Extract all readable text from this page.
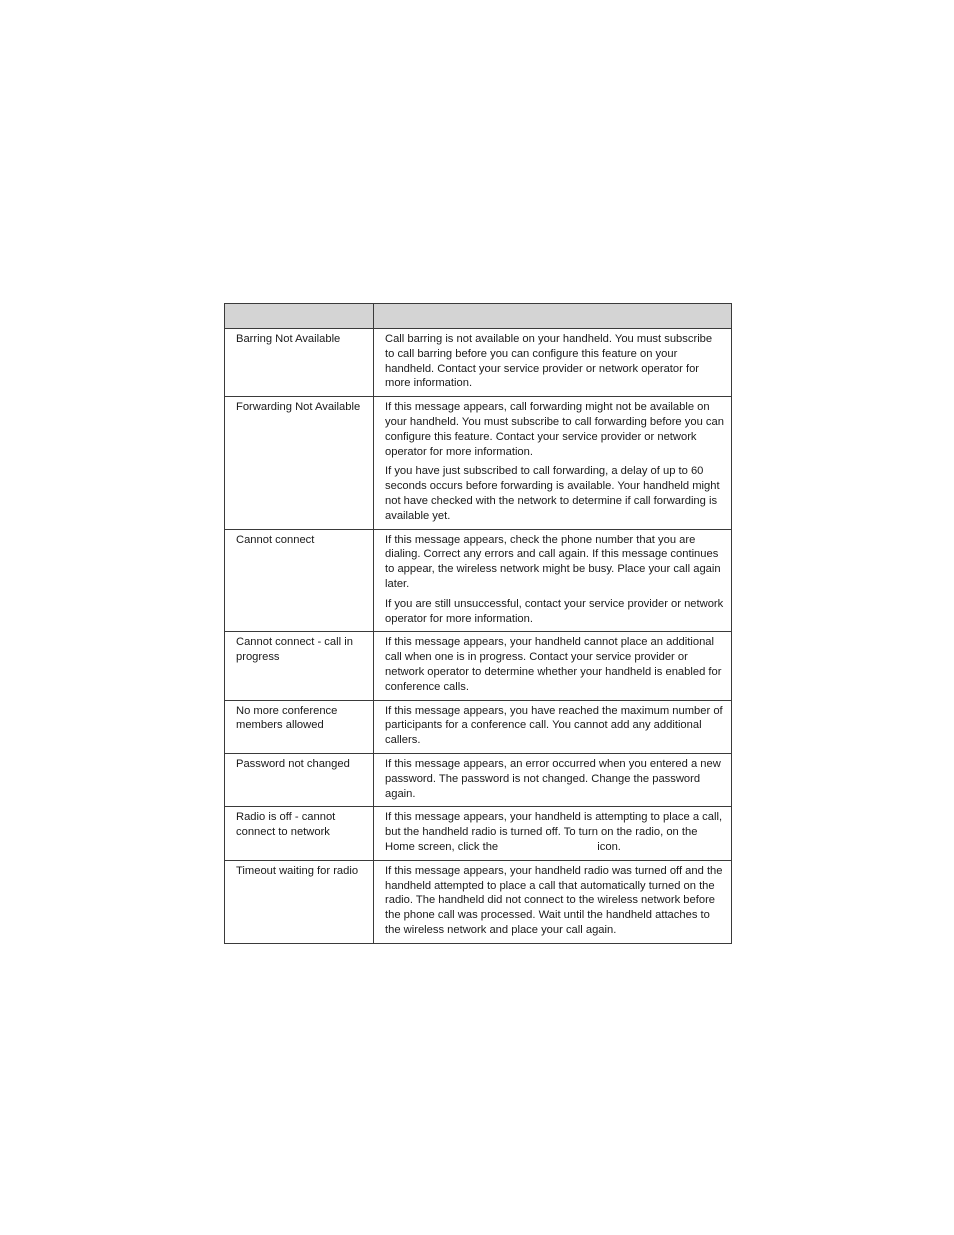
Barring Not Available	Call barring is not available on your handheld. You must subscribe to call barring before you can configure this feature on your handheld. Contact your service provider or network operator for more information.

Forwarding Not Available	If this message appears, call forwarding might not be available on your handheld. You must subscribe to call forwarding before you can configure this feature. Contact your service provider or network operator for more information.

If you have just subscribed to call forwarding, a delay of up to 60 seconds occurs before forwarding is available. Your handheld might not have checked with the network to determine if call forwarding is available yet.

Cannot connect	If this message appears, check the phone number that you are dialing. Correct any errors and call again. If this message continues to appear, the wireless network might be busy. Place your call again later.

If you are still unsuccessful, contact your service provider or network operator for more information.

Cannot connect - call in progress	If this message appears, your handheld cannot place an additional call when one is in progress. Contact your service provider or network operator to determine whether your handheld is enabled for conference calls.

No more conference members allowed	If this message appears, you have reached the maximum number of participants for a conference call. You cannot add any additional callers.

Password not changed	If this message appears, an error occurred when you entered a new password. The password is not changed. Change the password again.

Radio is off - cannot connect to network	If this message appears, your handheld is attempting to place a call, but the handheld radio is turned off. To turn on the radio, on the Home screen, click the icon.

Timeout waiting for radio	If this message appears, your handheld radio was turned off and the handheld attempted to place a call that automatically turned on the radio. The handheld did not connect to the wireless network before the phone call was processed. Wait until the handheld attaches to the wireless network and place your call again.
